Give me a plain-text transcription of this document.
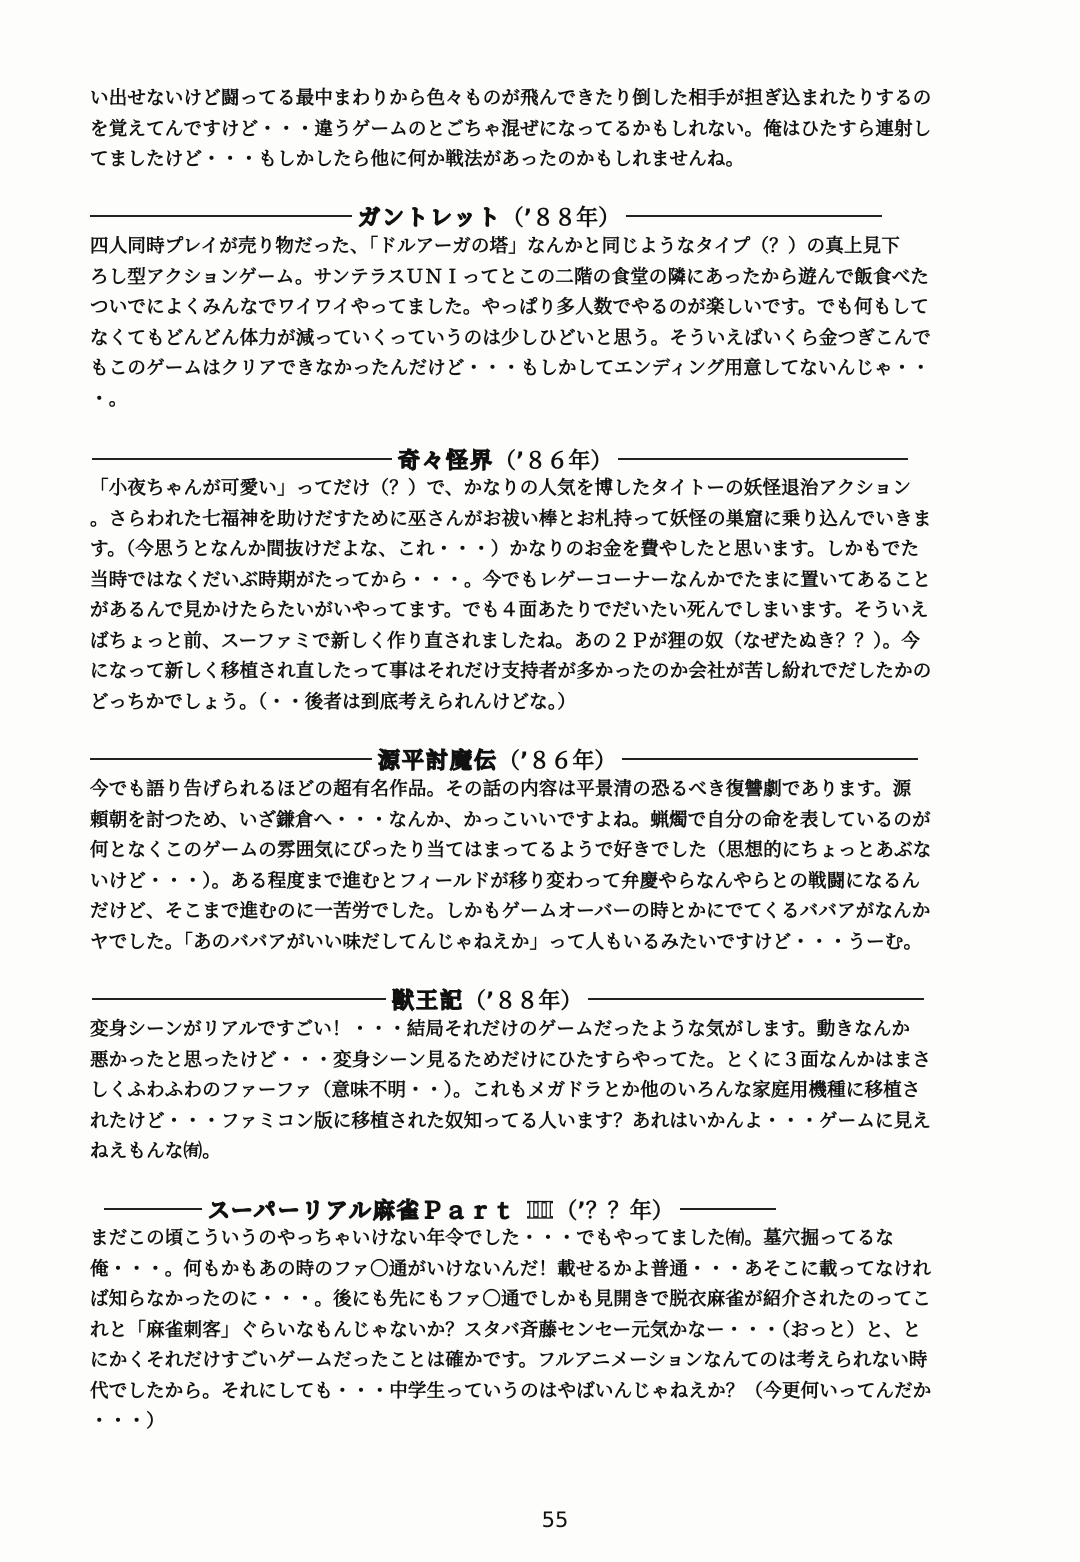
い出せないけど闘ってる最中まわりから色々ものが飛んできたり倒した相手が担ぎ込まれたりするの
を覚えてんですけど・・・違うゲームのとごちゃ混ぜになってるかもしれない。俺はひたすら連射し
てましたけど・・・もしかしたら他に何か戦法があったのかもしれませんね。
ガントレット（’８８年）
四人同時プレイが売り物だった、「ドルアーガの塔」なんかと同じようなタイプ（？）の真上見下
ろし型アクションゲーム。サンテラスＵＮＩってとこの二階の食堂の隣にあったから遊んで飯食べた
ついでによくみんなでワイワイやってました。やっぱり多人数でやるのが楽しいです。でも何もして
なくてもどんどん体力が減っていくっていうのは少しひどいと思う。そういえばいくら金つぎこんで
もこのゲームはクリアできなかったんだけど・・・もしかしてエンディング用意してないんじゃ・・
・。
奇々怪界（’８６年）
「小夜ちゃんが可愛い」ってだけ（？）で、かなりの人気を博したタイトーの妖怪退治アクション
。さらわれた七福神を助けだすために巫さんがお祓い棒とお札持って妖怪の巣窟に乗り込んでいきま
す。（今思うとなんか間抜けだよな、これ・・・）かなりのお金を費やしたと思います。しかもでた
当時ではなくだいぶ時期がたってから・・・。今でもレゲーコーナーなんかでたまに置いてあること
があるんで見かけたらたいがいやってます。でも４面あたりでだいたい死んでしまいます。そういえ
ばちょっと前、スーファミで新しく作り直されましたね。あの２Ｐが狸の奴（なぜたぬき？？）。今
になって新しく移植され直したって事はそれだけ支持者が多かったのか会社が苦し紛れでだしたかの
どっちかでしょう。（・・後者は到底考えられんけどな。）
源平討魔伝（’８６年）
今でも語り告げられるほどの超有名作品。その話の内容は平景清の恐るべき復讐劇であります。源
頼朝を討つため、いざ鎌倉へ・・・なんか、かっこいいですよね。蝋燭で自分の命を表しているのが
何となくこのゲームの雰囲気にぴったり当てはまってるようで好きでした（思想的にちょっとあぶな
いけど・・・）。ある程度まで進むとフィールドが移り変わって弁慶やらなんやらとの戦闘になるん
だけど、そこまで進むのに一苦労でした。しかもゲームオーバーの時とかにでてくるババアがなんか
ヤでした。「あのババアがいい味だしてんじゃねえか」って人もいるみたいですけど・・・うーむ。
獣王記（’８８年）
変身シーンがリアルですごい！・・・結局それだけのゲームだったような気がします。動きなんか
悪かったと思ったけど・・・変身シーン見るためだけにひたすらやってた。とくに３面なんかはまさ
しくふわふわのファーファ（意味不明・・）。これもメガドラとか他のいろんな家庭用機種に移植さ
れたけど・・・ファミコン版に移植された奴知ってる人います？あれはいかんよ・・・ゲームに見え
ねえもんな㈲。
スーパーリアル麻雀Ｐａｒｔ Ⅲ（’？？年）
まだこの頃こういうのやっちゃいけない年令でした・・・でもやってました㈲。墓穴掘ってるな
俺・・・。何もかもあの時のファ〇通がいけないんだ！載せるかよ普通・・・あそこに載ってなけれ
ば知らなかったのに・・・。後にも先にもファ〇通でしかも見開きで脱衣麻雀が紹介されたのってこ
れと「麻雀刺客」ぐらいなもんじゃないか？スタバ斉藤センセー元気かなー・・・（おっと）と、と
にかくそれだけすごいゲームだったことは確かです。フルアニメーションなんてのは考えられない時
代でしたから。それにしても・・・中学生っていうのはやばいんじゃねえか？（今更何いってんだか
・・・）
55
